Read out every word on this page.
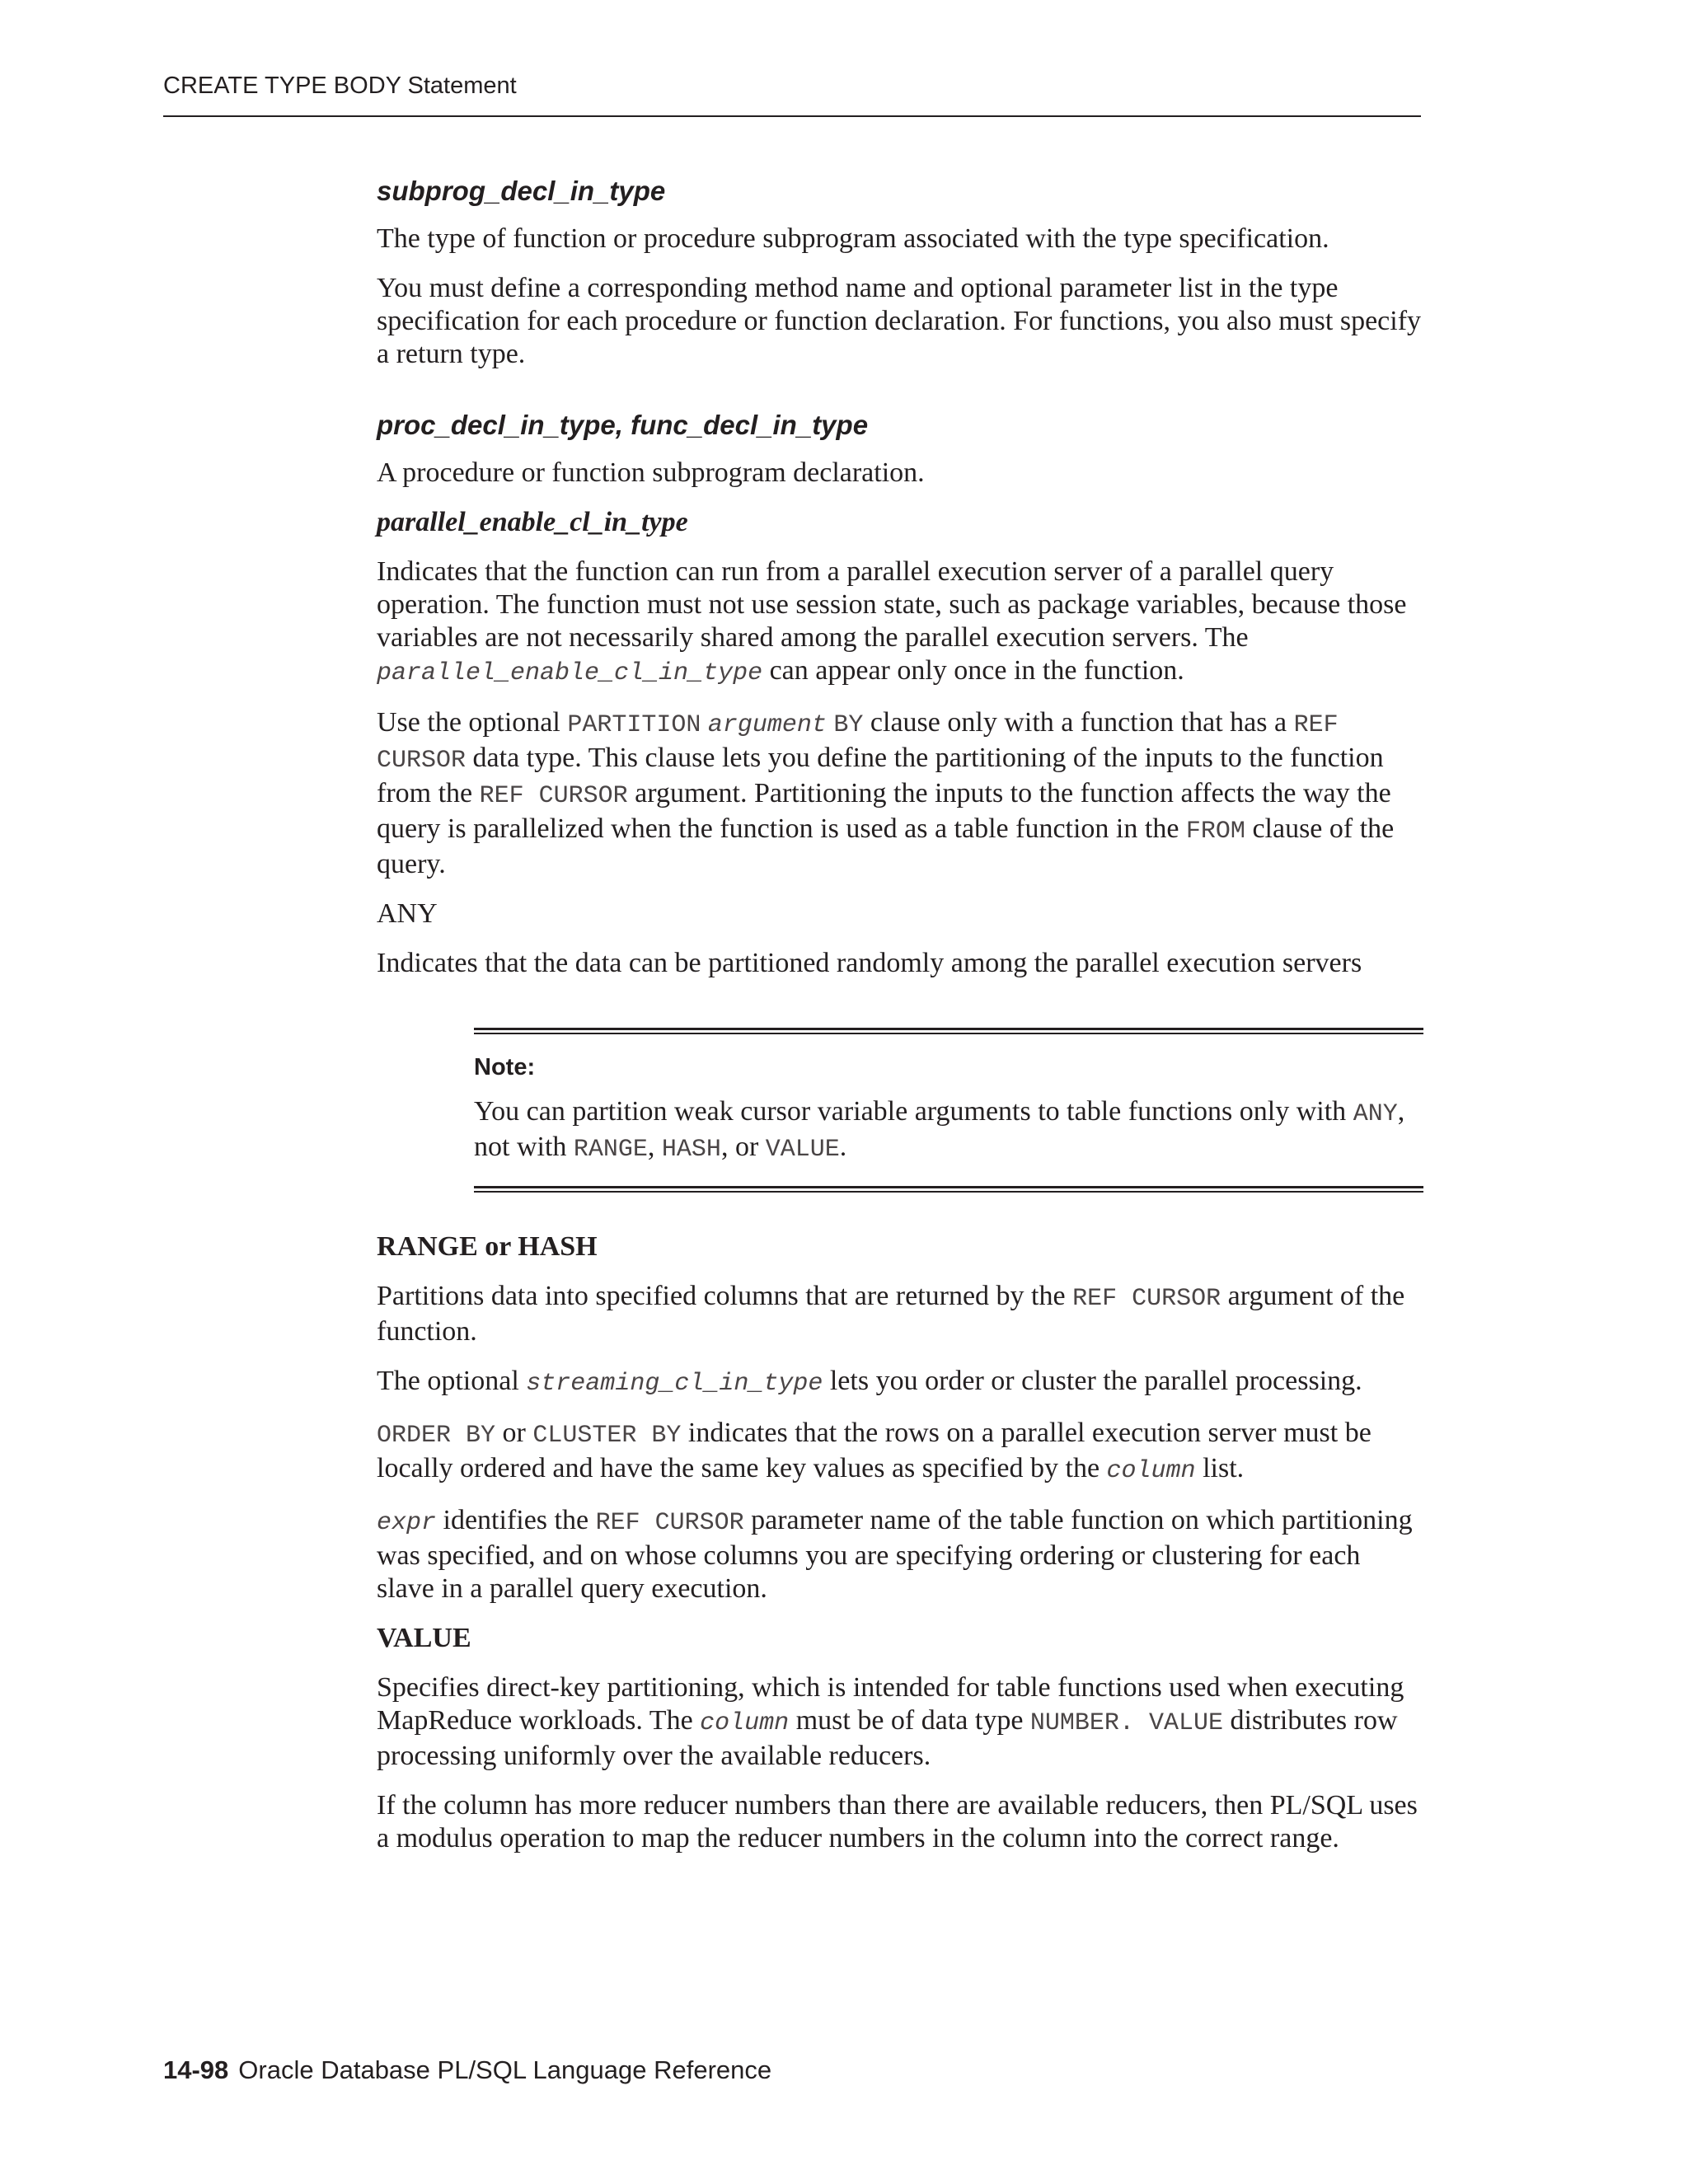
CREATE TYPE BODY Statement
subprog_decl_in_type

The type of function or procedure subprogram associated with the type specification.

You must define a corresponding method name and optional parameter list in the type specification for each procedure or function declaration. For functions, you also must specify a return type.

proc_decl_in_type, func_decl_in_type

A procedure or function subprogram declaration.

parallel_enable_cl_in_type

Indicates that the function can run from a parallel execution server of a parallel query operation. The function must not use session state, such as package variables, because those variables are not necessarily shared among the parallel execution servers. The parallel_enable_cl_in_type can appear only once in the function.

Use the optional PARTITION argument BY clause only with a function that has a REF CURSOR data type. This clause lets you define the partitioning of the inputs to the function from the REF CURSOR argument. Partitioning the inputs to the function affects the way the query is parallelized when the function is used as a table function in the FROM clause of the query.

ANY

Indicates that the data can be partitioned randomly among the parallel execution servers

Note:

You can partition weak cursor variable arguments to table functions only with ANY, not with RANGE, HASH, or VALUE.

RANGE or HASH

Partitions data into specified columns that are returned by the REF CURSOR argument of the function.

The optional streaming_cl_in_type lets you order or cluster the parallel processing.

ORDER BY or CLUSTER BY indicates that the rows on a parallel execution server must be locally ordered and have the same key values as specified by the column list.

expr identifies the REF CURSOR parameter name of the table function on which partitioning was specified, and on whose columns you are specifying ordering or clustering for each slave in a parallel query execution.

VALUE

Specifies direct-key partitioning, which is intended for table functions used when executing MapReduce workloads. The column must be of data type NUMBER. VALUE distributes row processing uniformly over the available reducers.

If the column has more reducer numbers than there are available reducers, then PL/SQL uses a modulus operation to map the reducer numbers in the column into the correct range.

14-98 Oracle Database PL/SQL Language Reference
